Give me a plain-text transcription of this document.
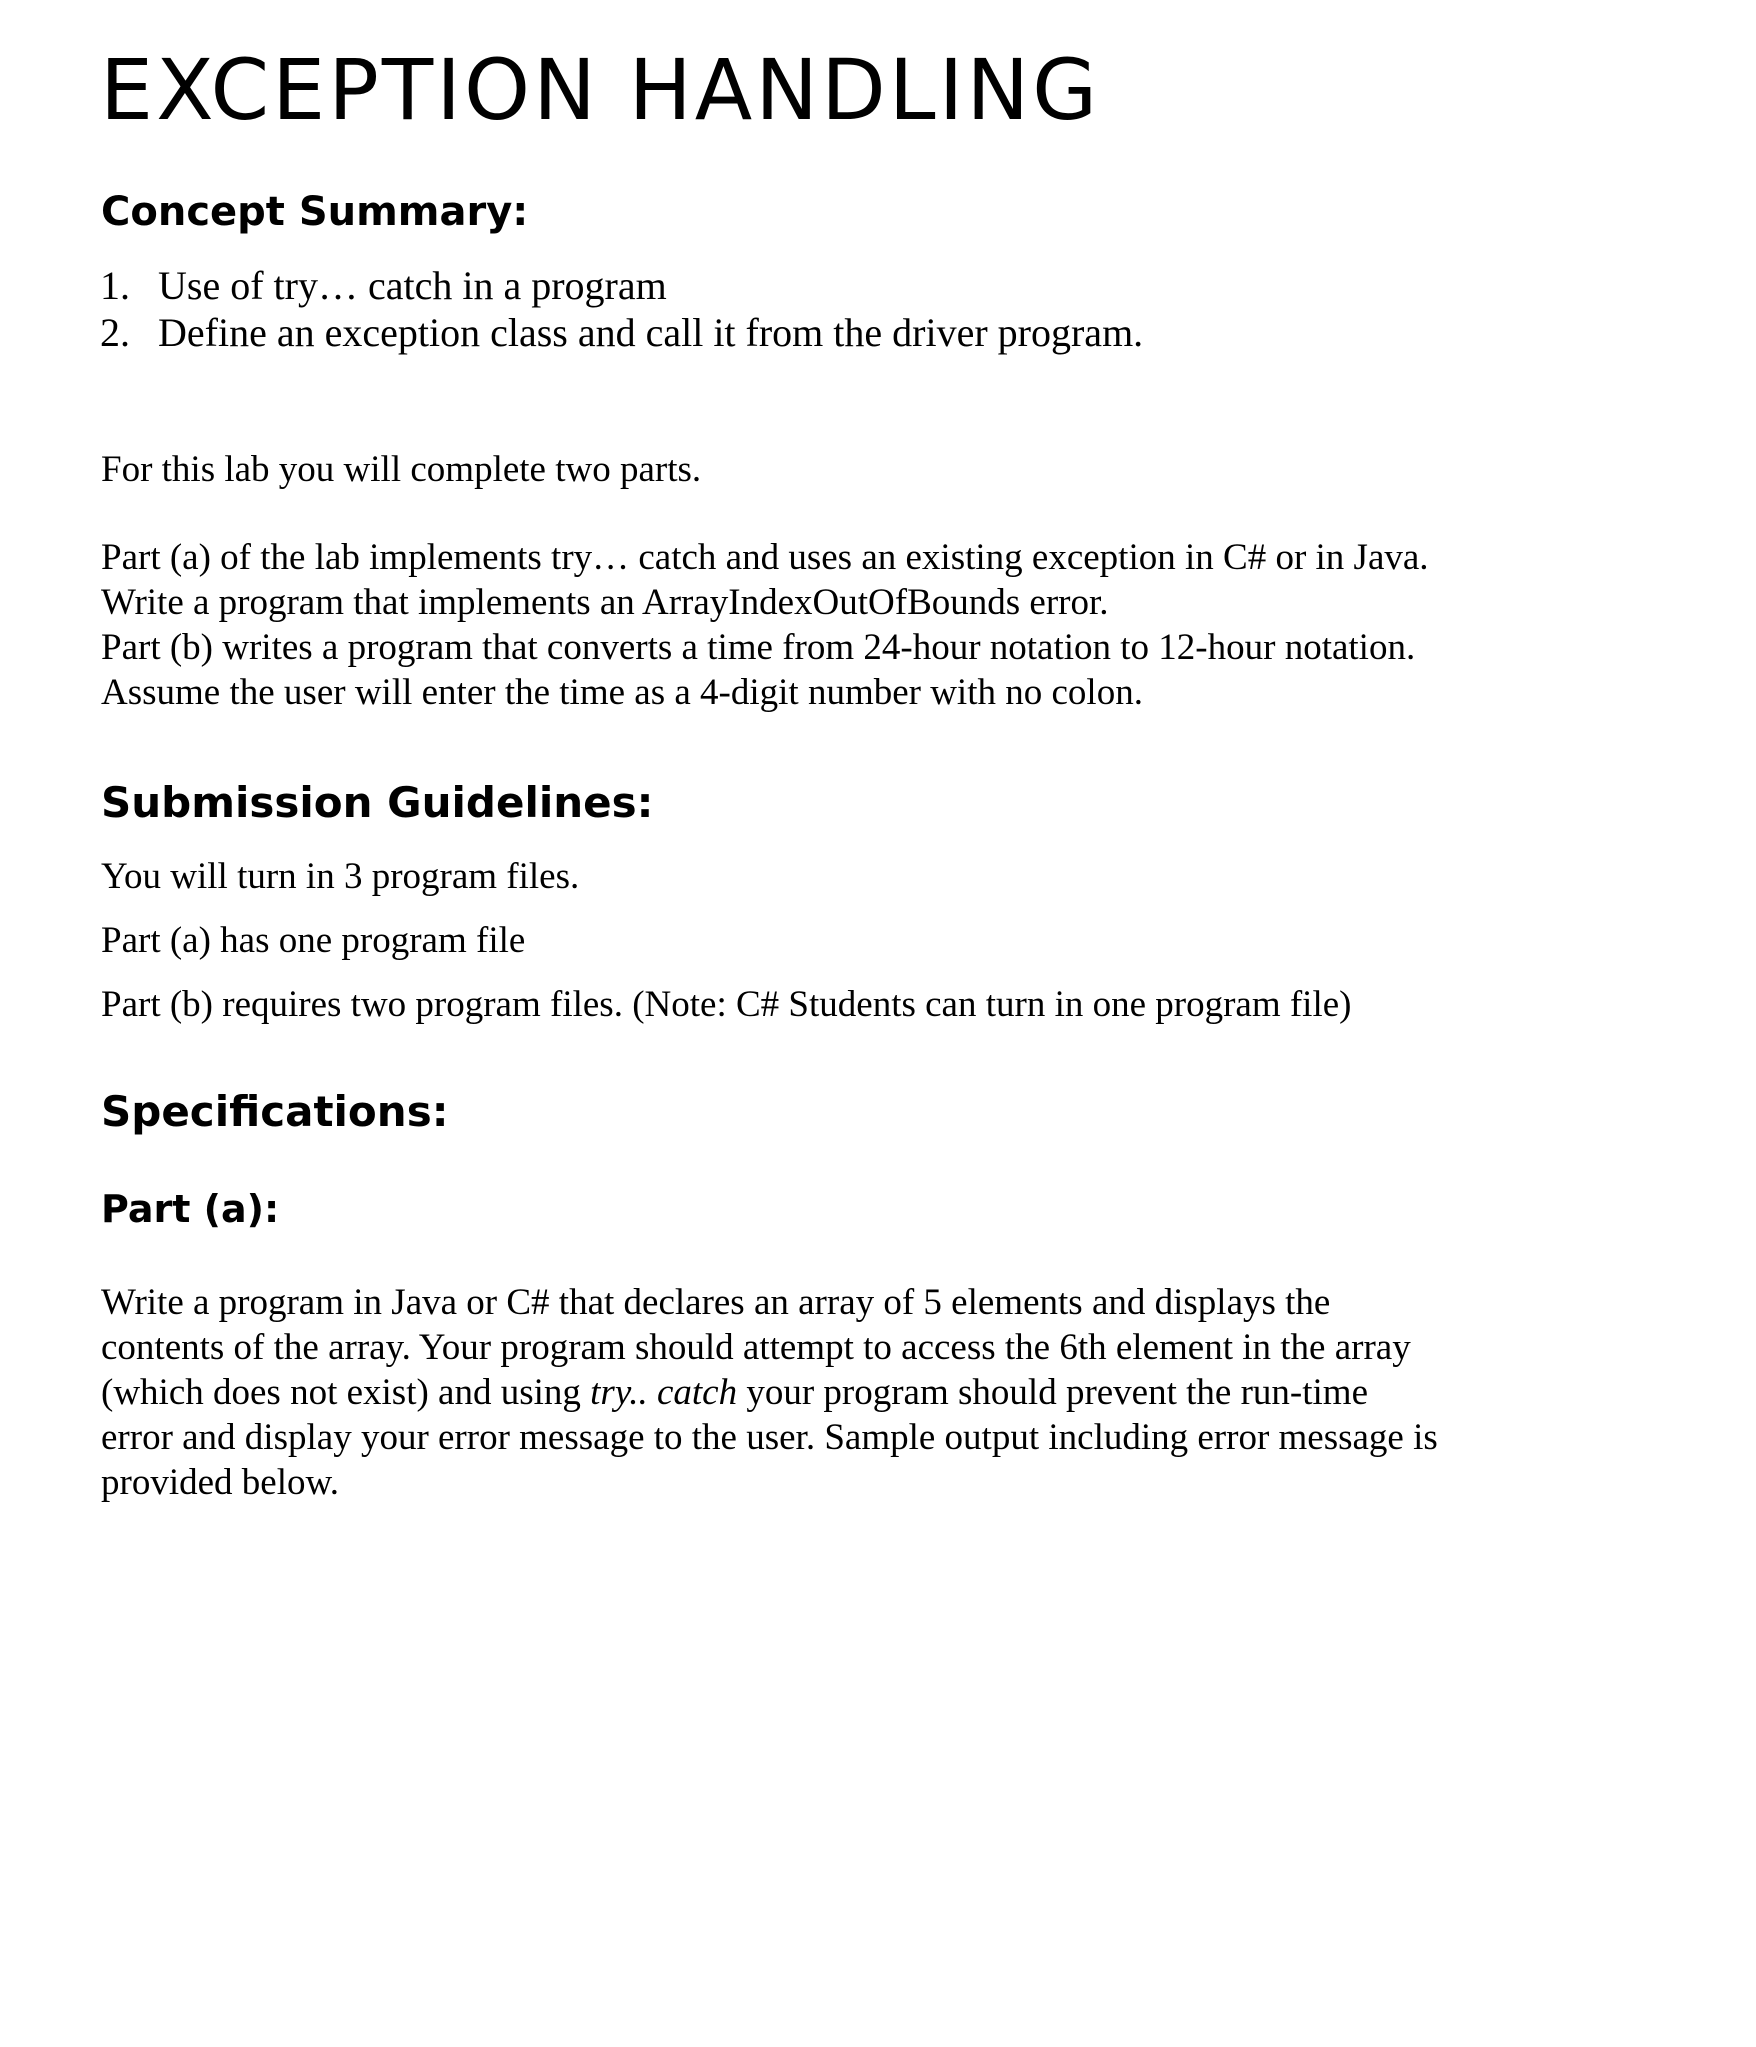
EXCEPTION HANDLING
Concept Summary:
1. Use of try… catch in a program
2. Define an exception class and call it from the driver program.

For this lab you will complete two parts.

Part (a) of the lab implements try… catch and uses an existing exception in C# or in Java.
Write a program that implements an ArrayIndexOutOfBounds error.
Part (b) writes a program that converts a time from 24-hour notation to 12-hour notation.
Assume the user will enter the time as a 4-digit number with no colon.
Submission Guidelines:

You will turn in 3 program files.

Part (a) has one program file

Part (b) requires two program files. (Note: C# Students can turn in one program file)

Specifications:
Part (a):
Write a program in Java or C# that declares an array of 5 elements and displays the
contents of the array. Your program should attempt to access the 6th element in the array
(which does not exist) and using try.. catch your program should prevent the run-time
error and display your error message to the user. Sample output including error message is
provided below.
